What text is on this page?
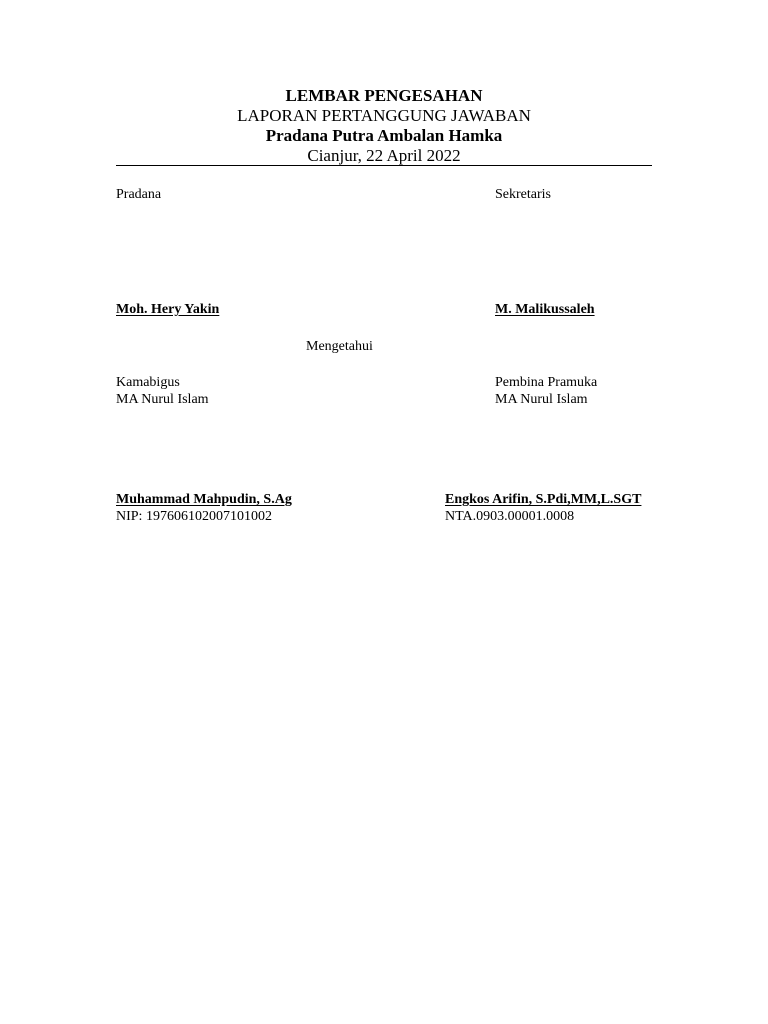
LEMBAR PENGESAHAN
LAPORAN PERTANGGUNG JAWABAN
Pradana Putra Ambalan Hamka
Cianjur, 22 April 2022
Pradana	Sekretaris
Moh. Hery Yakin	M. Malikussaleh
Mengetahui
Kamabigus
MA Nurul Islam
Pembina Pramuka
MA Nurul Islam
Muhammad Mahpudin, S.Ag
NIP: 197606102007101002
Engkos Arifin, S.Pdi,MM,L.SGT
NTA.0903.00001.0008
